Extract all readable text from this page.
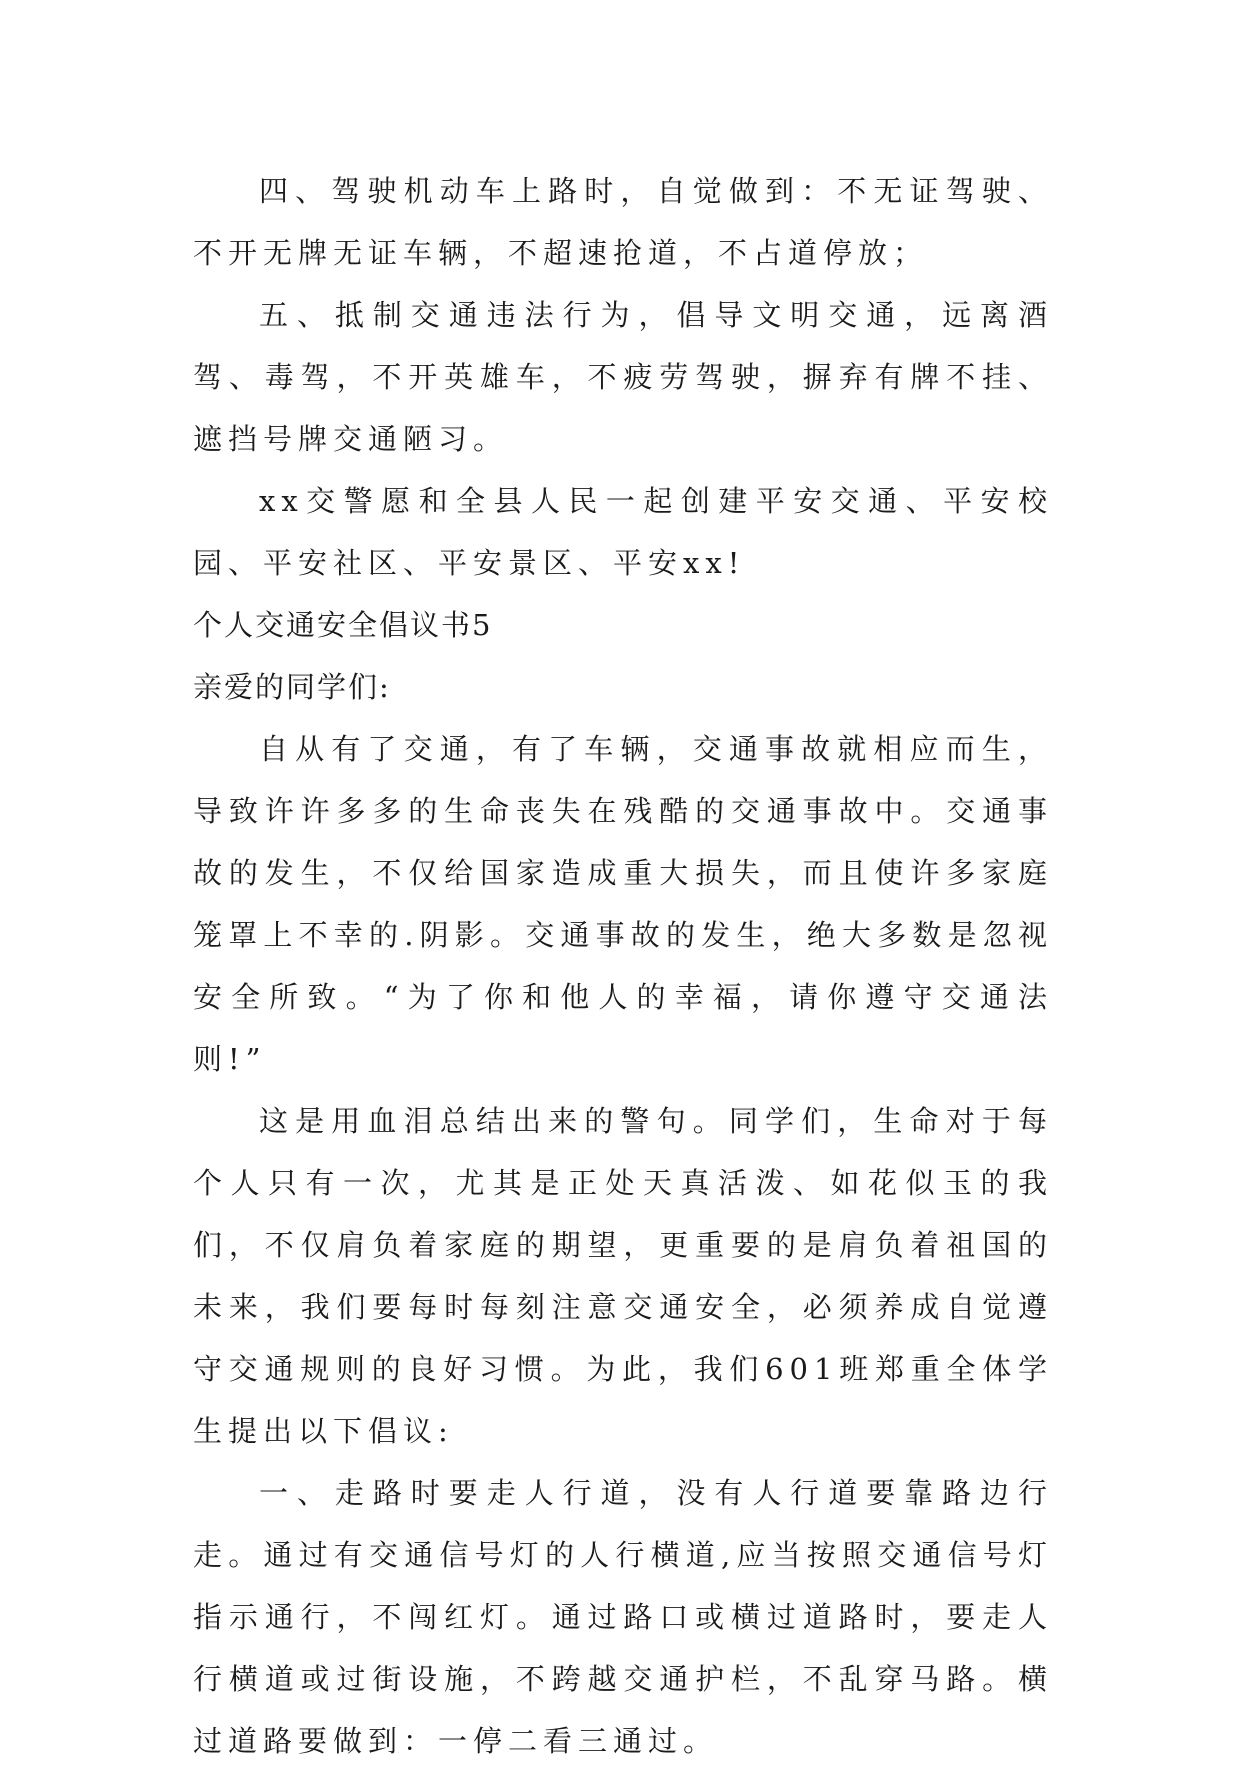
四、驾驶机动车上路时，自觉做到：不无证驾驶、不开无牌无证车辆，不超速抢道，不占道停放；

五、抵制交通违法行为，倡导文明交通，远离酒驾、毒驾，不开英雄车，不疲劳驾驶，摒弃有牌不挂、遮挡号牌交通陋习。

xx交警愿和全县人民一起创建平安交通、平安校园、平安社区、平安景区、平安xx!

个人交通安全倡议书5

亲爱的同学们:

自从有了交通，有了车辆，交通事故就相应而生，导致许许多多的生命丧失在残酷的交通事故中。交通事故的发生，不仅给国家造成重大损失，而且使许多家庭笼罩上不幸的.阴影。交通事故的发生，绝大多数是忽视安全所致。“为了你和他人的幸福，请你遵守交通法则!”

这是用血泪总结出来的警句。同学们，生命对于每个人只有一次，尤其是正处天真活泼、如花似玉的我们，不仅肩负着家庭的期望，更重要的是肩负着祖国的未来，我们要每时每刻注意交通安全，必须养成自觉遵守交通规则的良好习惯。为此，我们601班郑重全体学生提出以下倡议:

一、走路时要走人行道，没有人行道要靠路边行走。通过有交通信号灯的人行横道,应当按照交通信号灯指示通行，不闯红灯。通过路口或横过道路时，要走人行横道或过街设施，不跨越交通护栏，不乱穿马路。横过道路要做到：一停二看三通过。
